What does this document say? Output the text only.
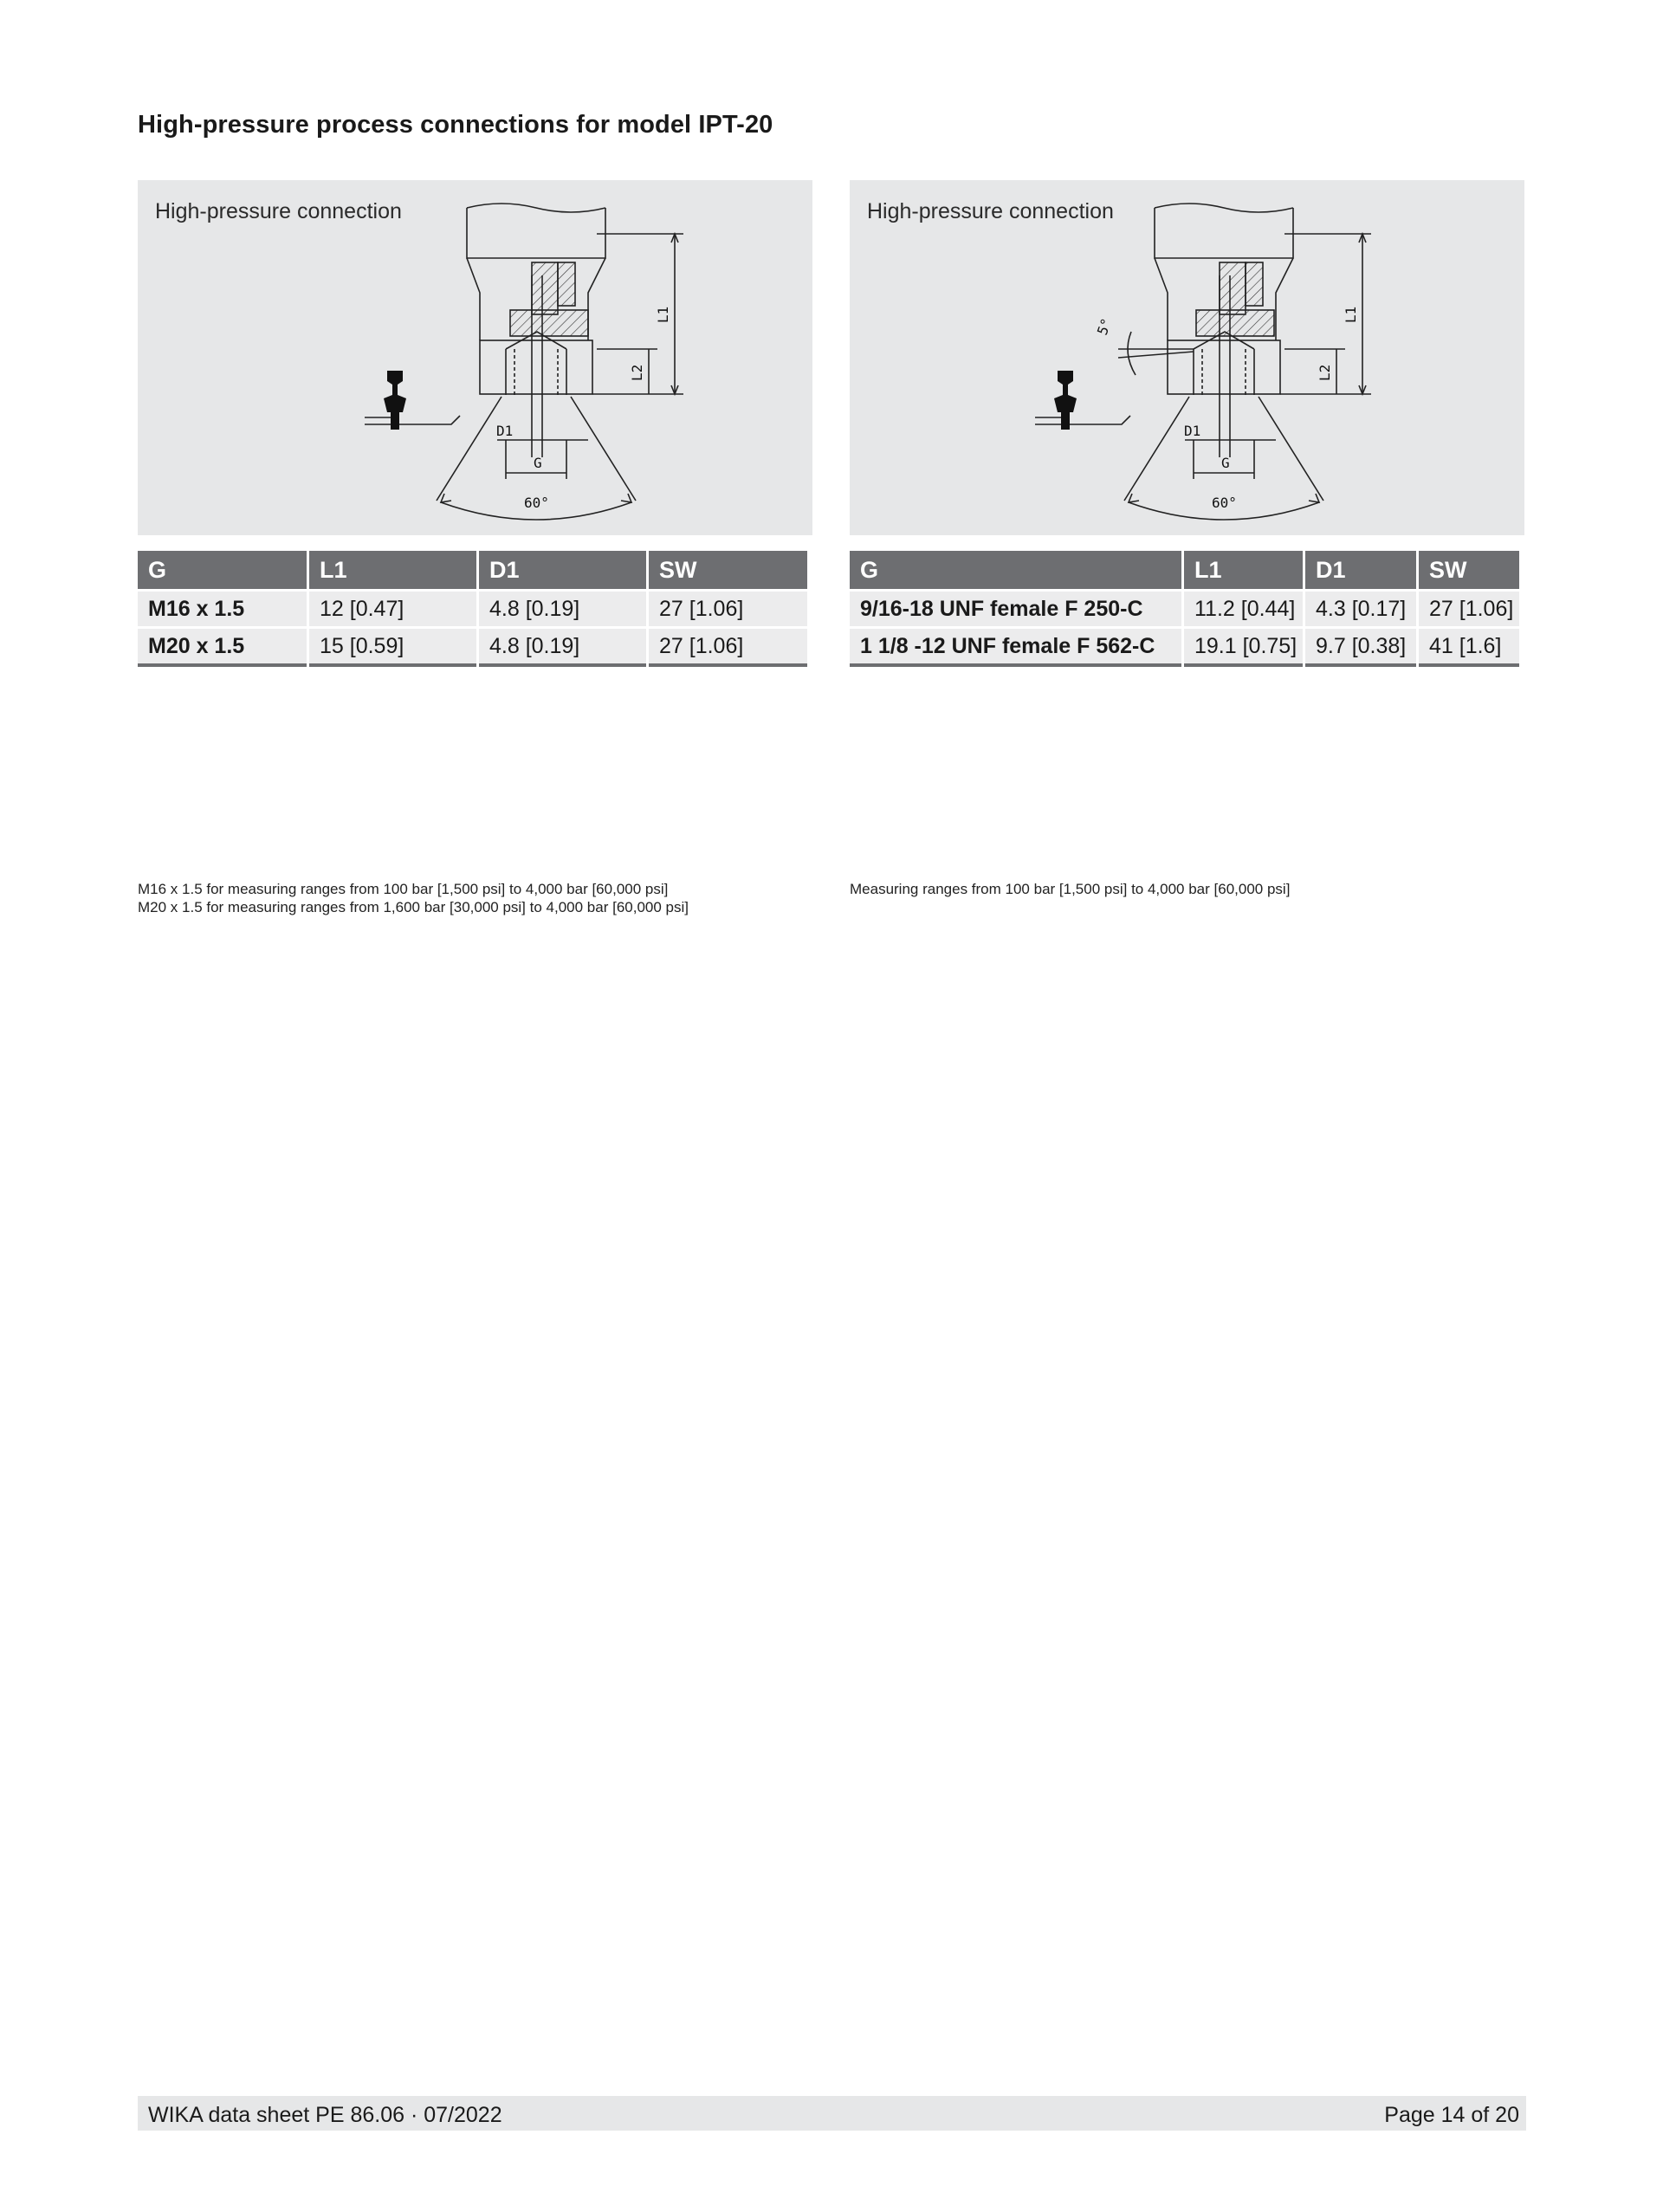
High-pressure process connections for model IPT-20
High-pressure connection
L1
L2
D1
G
60°
G	L1	D1	SW
M16 x 1.5	12 [0.47]	4.8 [0.19]	27 [1.06]
M20 x 1.5	15 [0.59]	4.8 [0.19]	27 [1.06]
M16 x 1.5 for measuring ranges from 100 bar [1,500 psi] to 4,000 bar [60,000 psi]
M20 x 1.5 for measuring ranges from 1,600 bar [30,000 psi] to 4,000 bar [60,000 psi]
High-pressure connection
L1
L2
D1
G
60°
5°
G	L1	D1	SW
9/16-18 UNF female F 250-C	11.2 [0.44]	4.3 [0.17]	27 [1.06]
1 1/8 -12 UNF female F 562-C	19.1 [0.75]	9.7 [0.38]	41 [1.6]
Measuring ranges from 100 bar [1,500 psi] to 4,000 bar [60,000 psi]
WIKA data sheet PE 86.06 · 07/2022	Page 14 of 20
